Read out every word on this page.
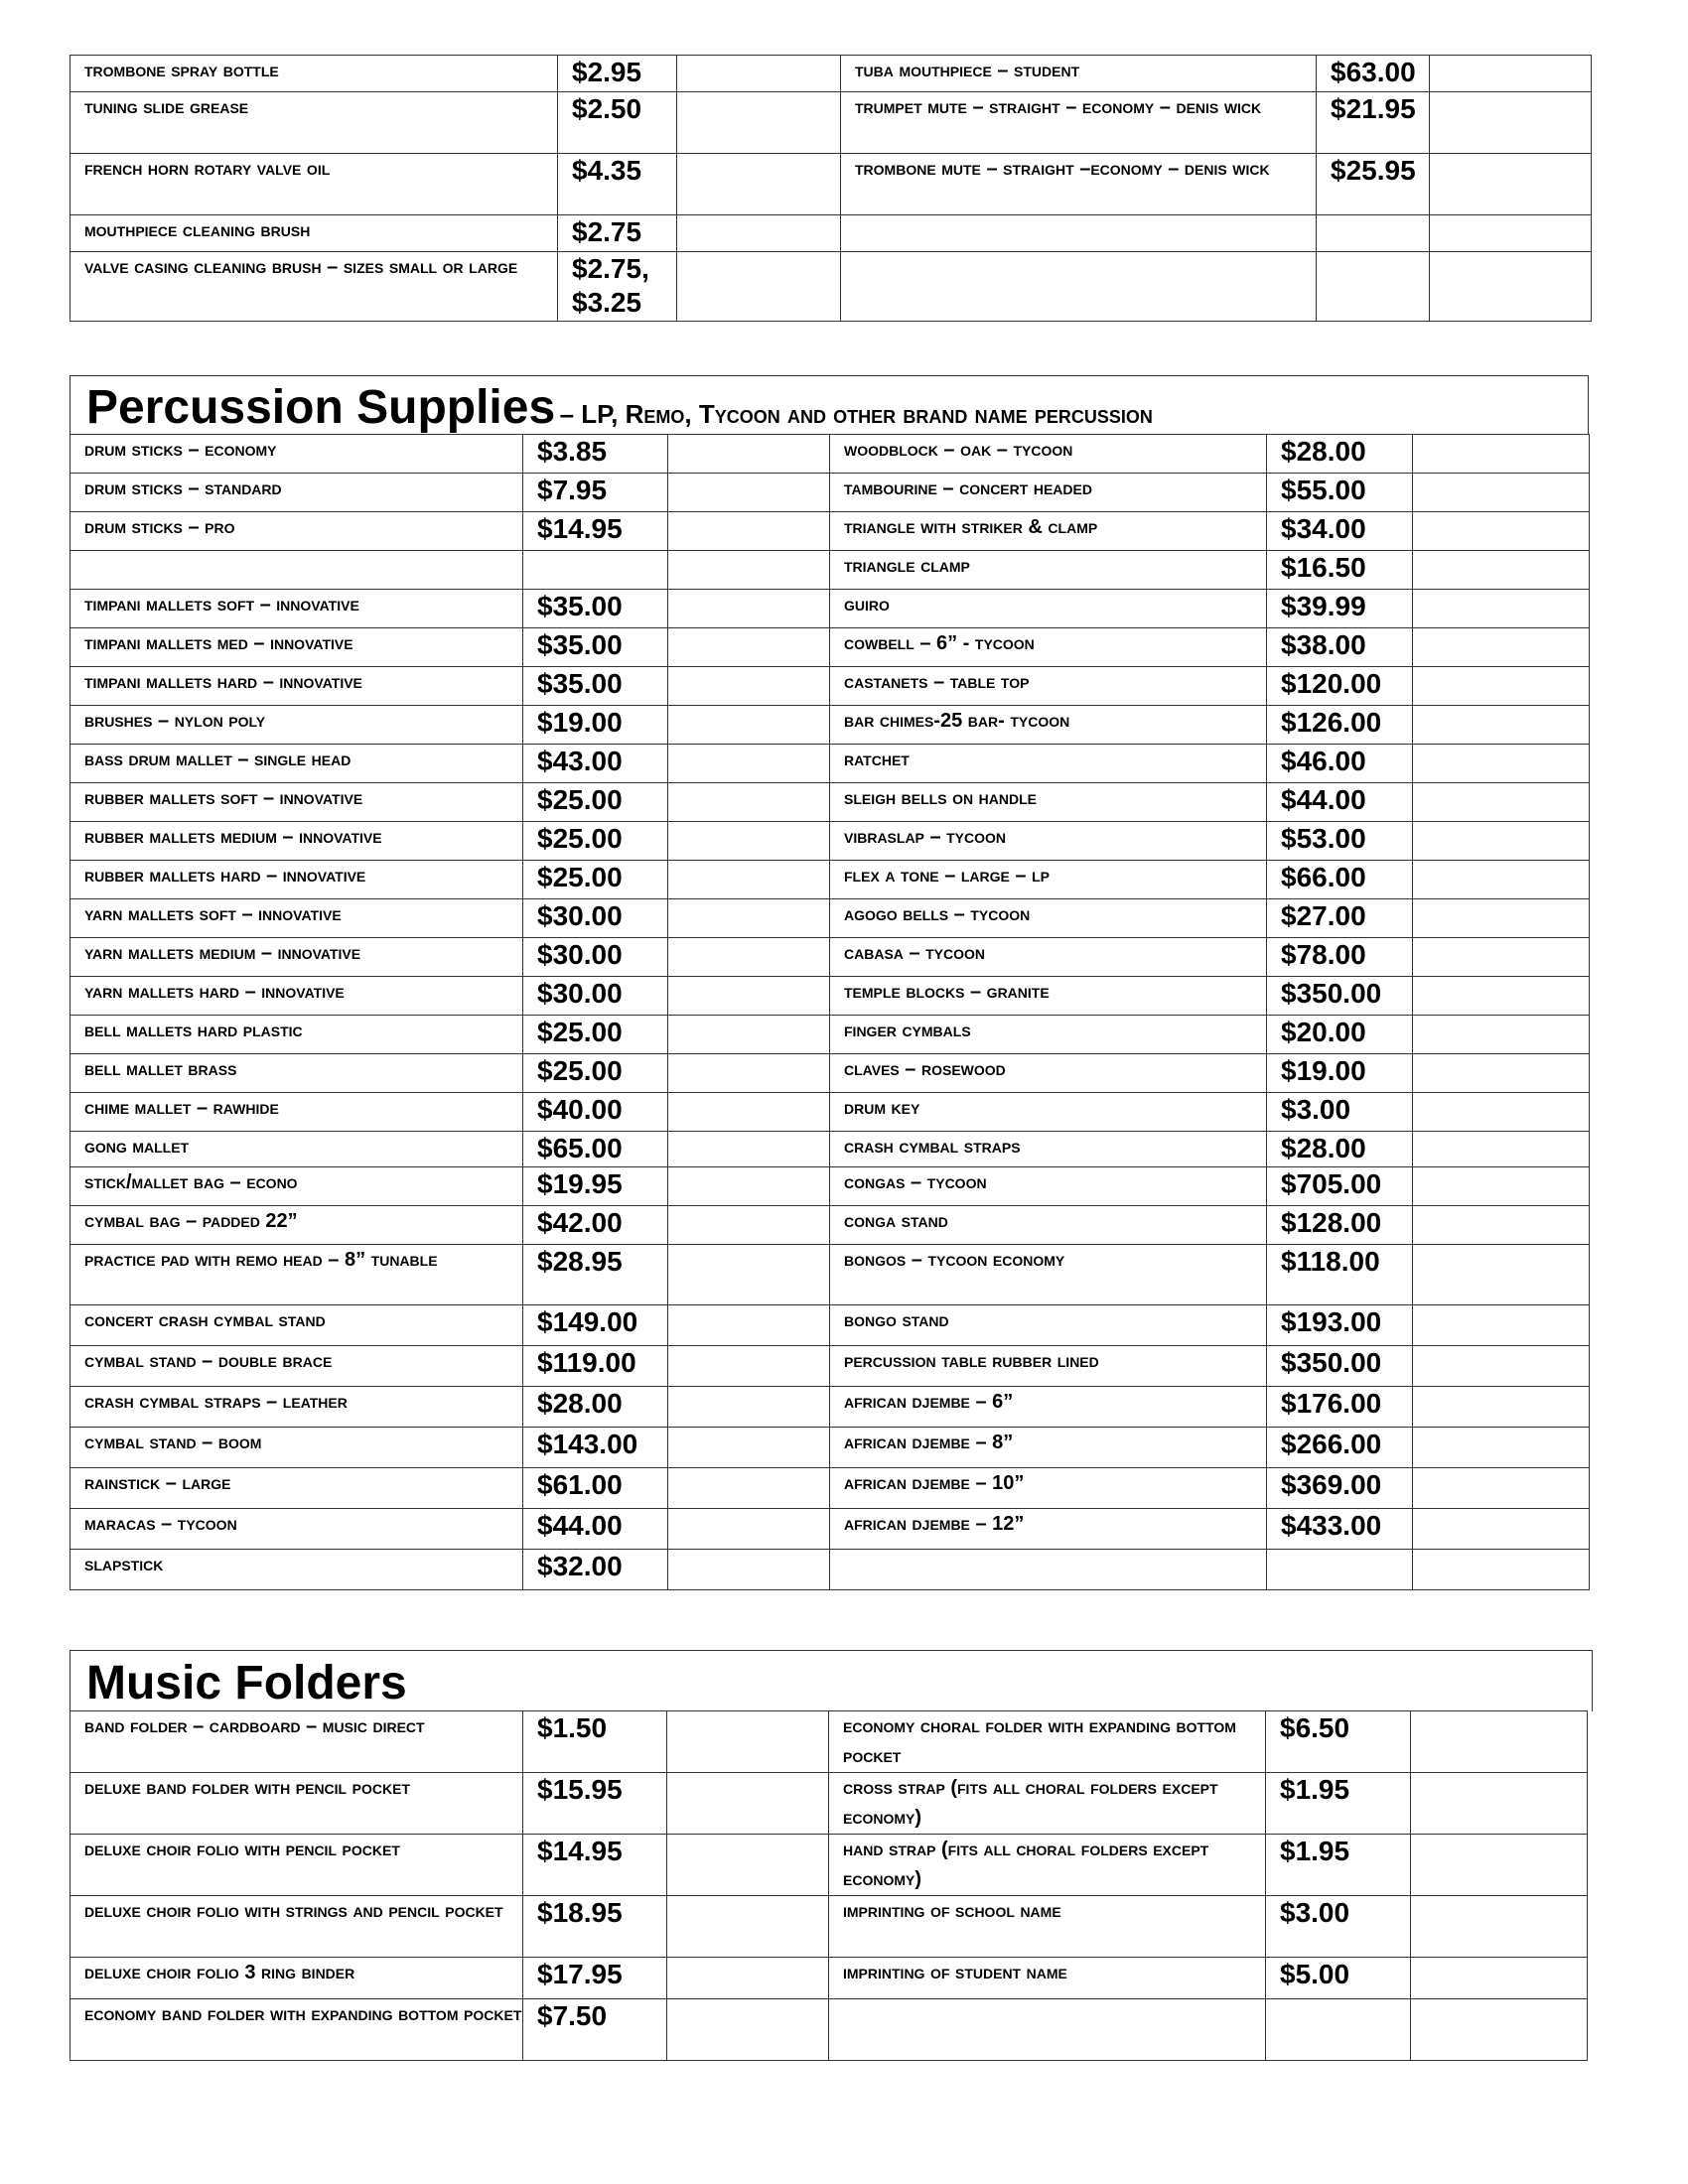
trombone spray bottle	$2.95		tuba mouthpiece – student	$63.00	
tuning slide grease	$2.50		trumpet mute – straight – economy – denis wick	$21.95	
french horn rotary valve oil	$4.35		trombone mute – straight –economy – denis wick	$25.95	
mouthpiece cleaning brush	$2.75				
valve casing cleaning brush – sizes small or large	$2.75, $3.25				
Percussion Supplies – LP, Remo, Tycoon and other brand name percussion
drum sticks – economy	$3.85		woodblock – oak – tycoon	$28.00	
drum sticks – standard	$7.95		tambourine – concert headed	$55.00	
drum sticks – pro	$14.95		triangle with striker & clamp	$34.00	
			triangle clamp	$16.50	
timpani mallets soft – innovative	$35.00		guiro	$39.99	
timpani mallets med – innovative	$35.00		cowbell – 6” - tycoon	$38.00	
timpani mallets hard – innovative	$35.00		castanets – table top	$120.00	
brushes – nylon poly	$19.00		bar chimes-25 bar- tycoon	$126.00	
bass drum mallet – single head	$43.00		ratchet	$46.00	
rubber mallets soft – innovative	$25.00		sleigh bells on handle	$44.00	
rubber mallets medium – innovative	$25.00		vibraslap – tycoon	$53.00	
rubber mallets hard – innovative	$25.00		flex a tone – large – lp	$66.00	
yarn mallets soft – innovative	$30.00		agogo bells – tycoon	$27.00	
yarn mallets medium – innovative	$30.00		cabasa – tycoon	$78.00	
yarn mallets hard – innovative	$30.00		temple blocks – granite	$350.00	
bell mallets hard plastic	$25.00		finger cymbals	$20.00	
bell mallet brass	$25.00		claves – rosewood	$19.00	
chime mallet – rawhide	$40.00		drum key	$3.00	
gong mallet	$65.00		crash cymbal straps	$28.00	
stick/mallet bag – econo	$19.95		congas – tycoon	$705.00	
cymbal bag – padded 22”	$42.00		conga stand	$128.00	
practice pad with remo head – 8” tunable	$28.95		bongos – tycoon economy	$118.00	
concert crash cymbal stand	$149.00		bongo stand	$193.00	
cymbal stand – double brace	$119.00		percussion table rubber lined	$350.00	
crash cymbal straps – leather	$28.00		african djembe – 6”	$176.00	
cymbal stand – boom	$143.00		african djembe – 8”	$266.00	
rainstick – large	$61.00		african djembe – 10”	$369.00	
maracas – tycoon	$44.00		african djembe – 12”	$433.00	
slapstick	$32.00				
Music Folders
band folder – cardboard – music direct	$1.50		economy choral folder with expanding bottom pocket	$6.50	
deluxe band folder with pencil pocket	$15.95		cross strap (fits all choral folders except economy)	$1.95	
deluxe choir folio with pencil pocket	$14.95		hand strap (fits all choral folders except economy)	$1.95	
deluxe choir folio with strings and pencil pocket	$18.95		imprinting of school name	$3.00	
deluxe choir folio 3 ring binder	$17.95		imprinting of student name	$5.00	
economy band folder with expanding bottom pocket	$7.50				
